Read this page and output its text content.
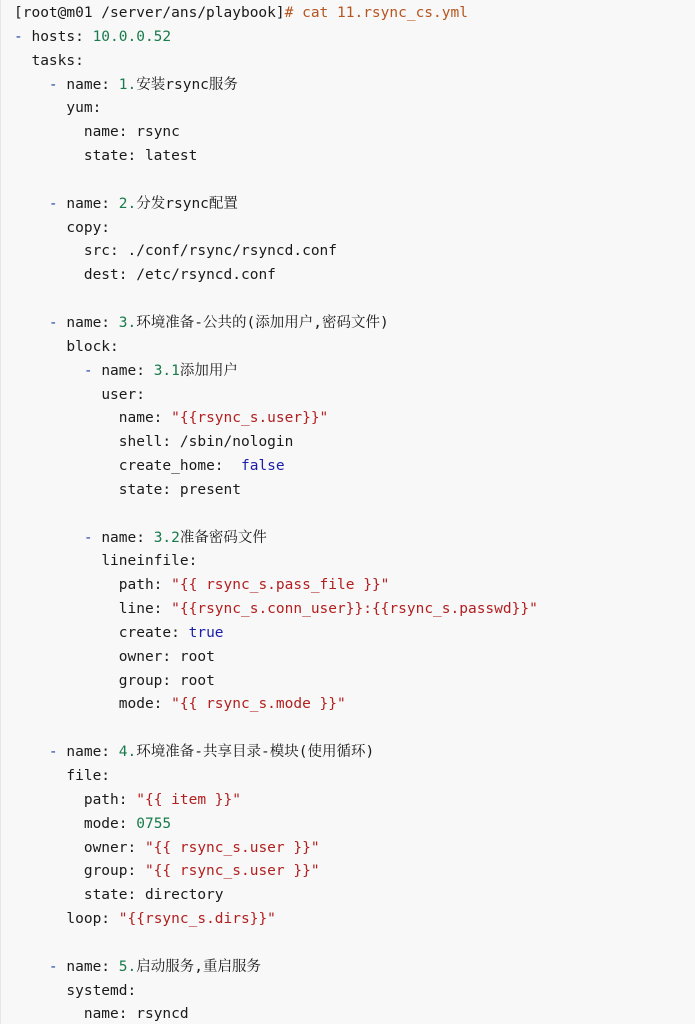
[root@m01 /server/ans/playbook]# cat 11.rsync_cs.yml
- hosts: 10.0.0.52
tasks:
- name: 1.安装rsync服务
yum:
name: rsync
state: latest
- name: 2.分发rsync配置
copy:
src: ./conf/rsync/rsyncd.conf
dest: /etc/rsyncd.conf
- name: 3.环境准备-公共的(添加用户,密码文件)
block:
- name: 3.1添加用户
user:
name: "{{rsync_s.user}}"
shell: /sbin/nologin
create_home:  false
state: present
- name: 3.2准备密码文件
lineinfile:
path: "{{ rsync_s.pass_file }}"
line: "{{rsync_s.conn_user}}:{{rsync_s.passwd}}"
create: true
owner: root
group: root
mode: "{{ rsync_s.mode }}"
- name: 4.环境准备-共享目录-模块(使用循环)
file:
path: "{{ item }}"
mode: 0755
owner: "{{ rsync_s.user }}"
group: "{{ rsync_s.user }}"
state: directory
loop: "{{rsync_s.dirs}}"
- name: 5.启动服务,重启服务
systemd:
name: rsyncd
